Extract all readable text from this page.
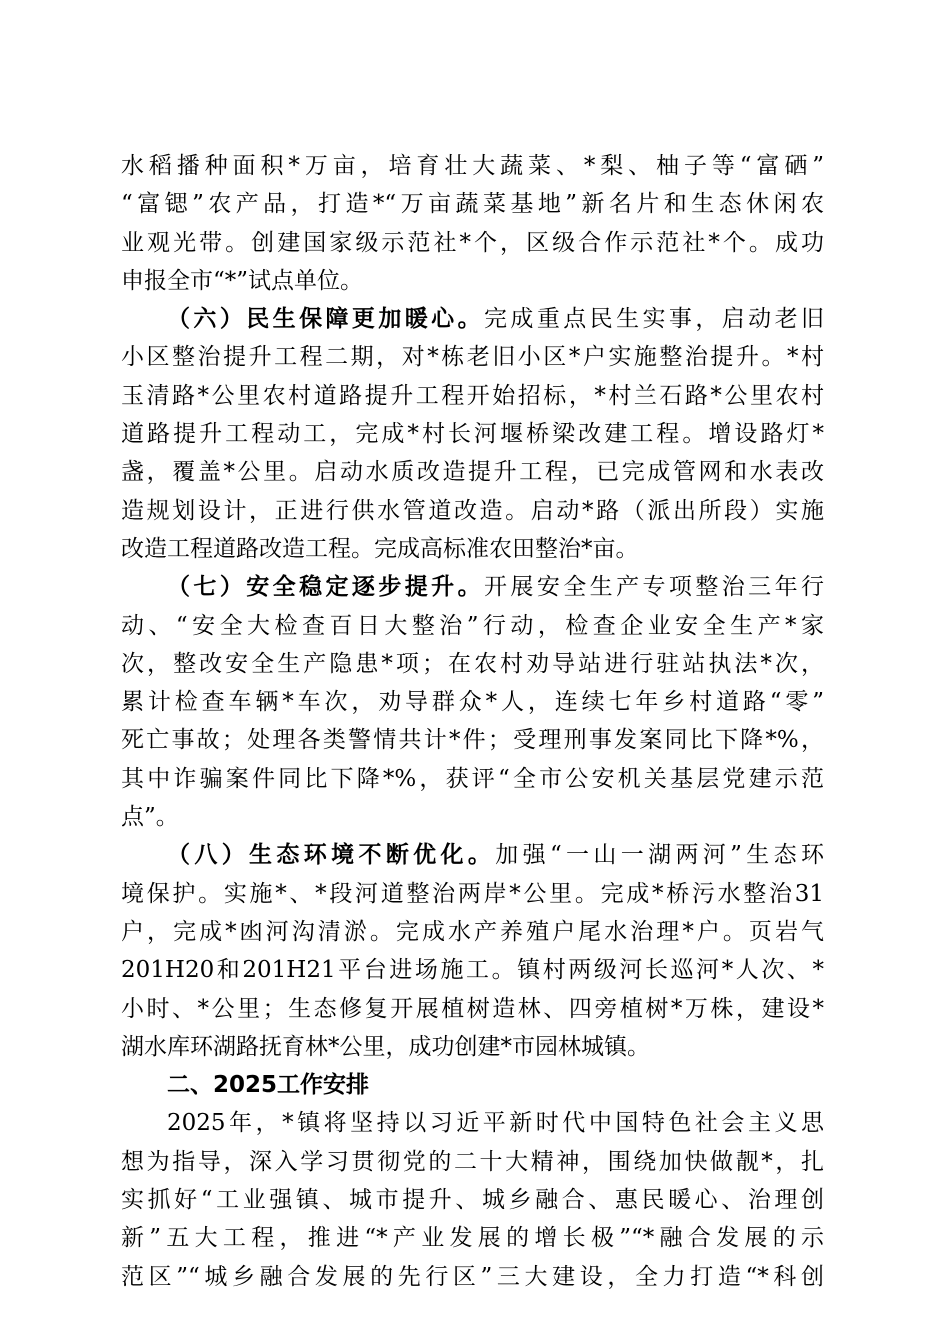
水稻播种面积*万亩，培育壮大蔬菜、*梨、柚子等“富硒”
“富锶”农产品，打造*“万亩蔬菜基地”新名片和生态休闲农
业观光带。创建国家级示范社*个，区级合作示范社*个。成功
申报全市“*”试点单位。
（六）民生保障更加暖心。完成重点民生实事，启动老旧
小区整治提升工程二期，对*栋老旧小区*户实施整治提升。*村
玉清路*公里农村道路提升工程开始招标，*村兰石路*公里农村
道路提升工程动工，完成*村长河堰桥梁改建工程。增设路灯*
盏，覆盖*公里。启动水质改造提升工程，已完成管网和水表改
造规划设计，正进行供水管道改造。启动*路（派出所段）实施
改造工程道路改造工程。完成高标准农田整治*亩。
（七）安全稳定逐步提升。开展安全生产专项整治三年行
动、“安全大检查百日大整治”行动，检查企业安全生产*家
次，整改安全生产隐患*项；在农村劝导站进行驻站执法*次，
累计检查车辆*车次，劝导群众*人，连续七年乡村道路“零”
死亡事故；处理各类警情共计*件；受理刑事发案同比下降*%，
其中诈骗案件同比下降*%，获评“全市公安机关基层党建示范
点”。
（八）生态环境不断优化。加强“一山一湖两河”生态环
境保护。实施*、*段河道整治两岸*公里。完成*桥污水整治31
户，完成*凼河沟清淤。完成水产养殖户尾水治理*户。页岩气
201H20和201H21平台进场施工。镇村两级河长巡河*人次、*
小时、*公里；生态修复开展植树造林、四旁植树*万株，建设*
湖水库环湖路抚育林*公里，成功创建*市园林城镇。
二、2025工作安排
2025年，*镇将坚持以习近平新时代中国特色社会主义思
想为指导，深入学习贯彻党的二十大精神，围绕加快做靓*，扎
实抓好“工业强镇、城市提升、城乡融合、惠民暖心、治理创
新”五大工程，推进“*产业发展的增长极”“*融合发展的示
范区”“城乡融合发展的先行区”三大建设，全力打造“*科创
